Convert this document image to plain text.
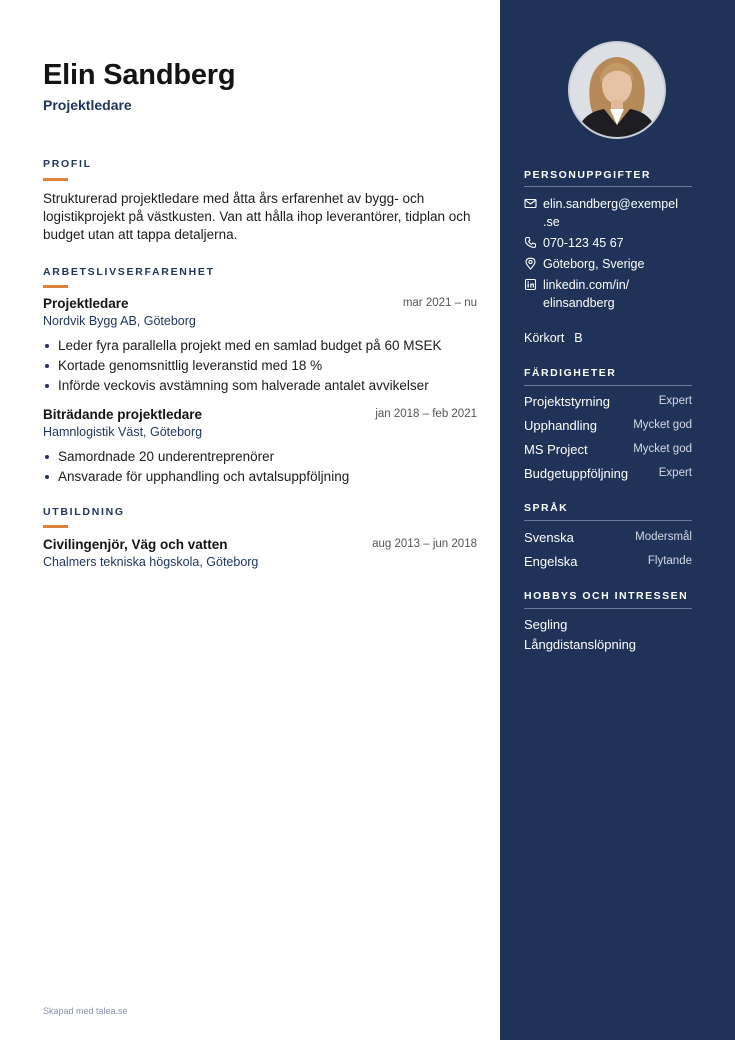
Elin Sandberg
Projektledare
PROFIL
Strukturerad projektledare med åtta års erfarenhet av bygg- och logistikprojekt på västkusten. Van att hålla ihop leverantörer, tidplan och budget utan att tappa detaljerna.
ARBETSLIVSERFARENHET
Projektledare	mar 2021 – nu
Nordvik Bygg AB, Göteborg
Leder fyra parallella projekt med en samlad budget på 60 MSEK
Kortade genomsnittlig leveranstid med 18 %
Införde veckovis avstämning som halverade antalet avvikelser
Biträdande projektledare	jan 2018 – feb 2021
Hamnlogistik Väst, Göteborg
Samordnade 20 underentreprenörer
Ansvarade för upphandling och avtalsuppföljning
UTBILDNING
Civilingenjör, Väg och vatten	aug 2013 – jun 2018
Chalmers tekniska högskola, Göteborg
Skapad med talea.se
PERSONUPPGIFTER
elin.sandberg@exempel
.se
070-123 45 67
Göteborg, Sverige
linkedin.com/in/
elinsandberg
Körkort B
FÄRDIGHETER
Projektstyrning	Expert
Upphandling	Mycket god
MS Project	Mycket god
Budgetuppföljning	Expert
SPRÅK
Svenska	Modersmål
Engelska	Flytande
HOBBYS OCH INTRESSEN
Segling
Långdistanslöpning
